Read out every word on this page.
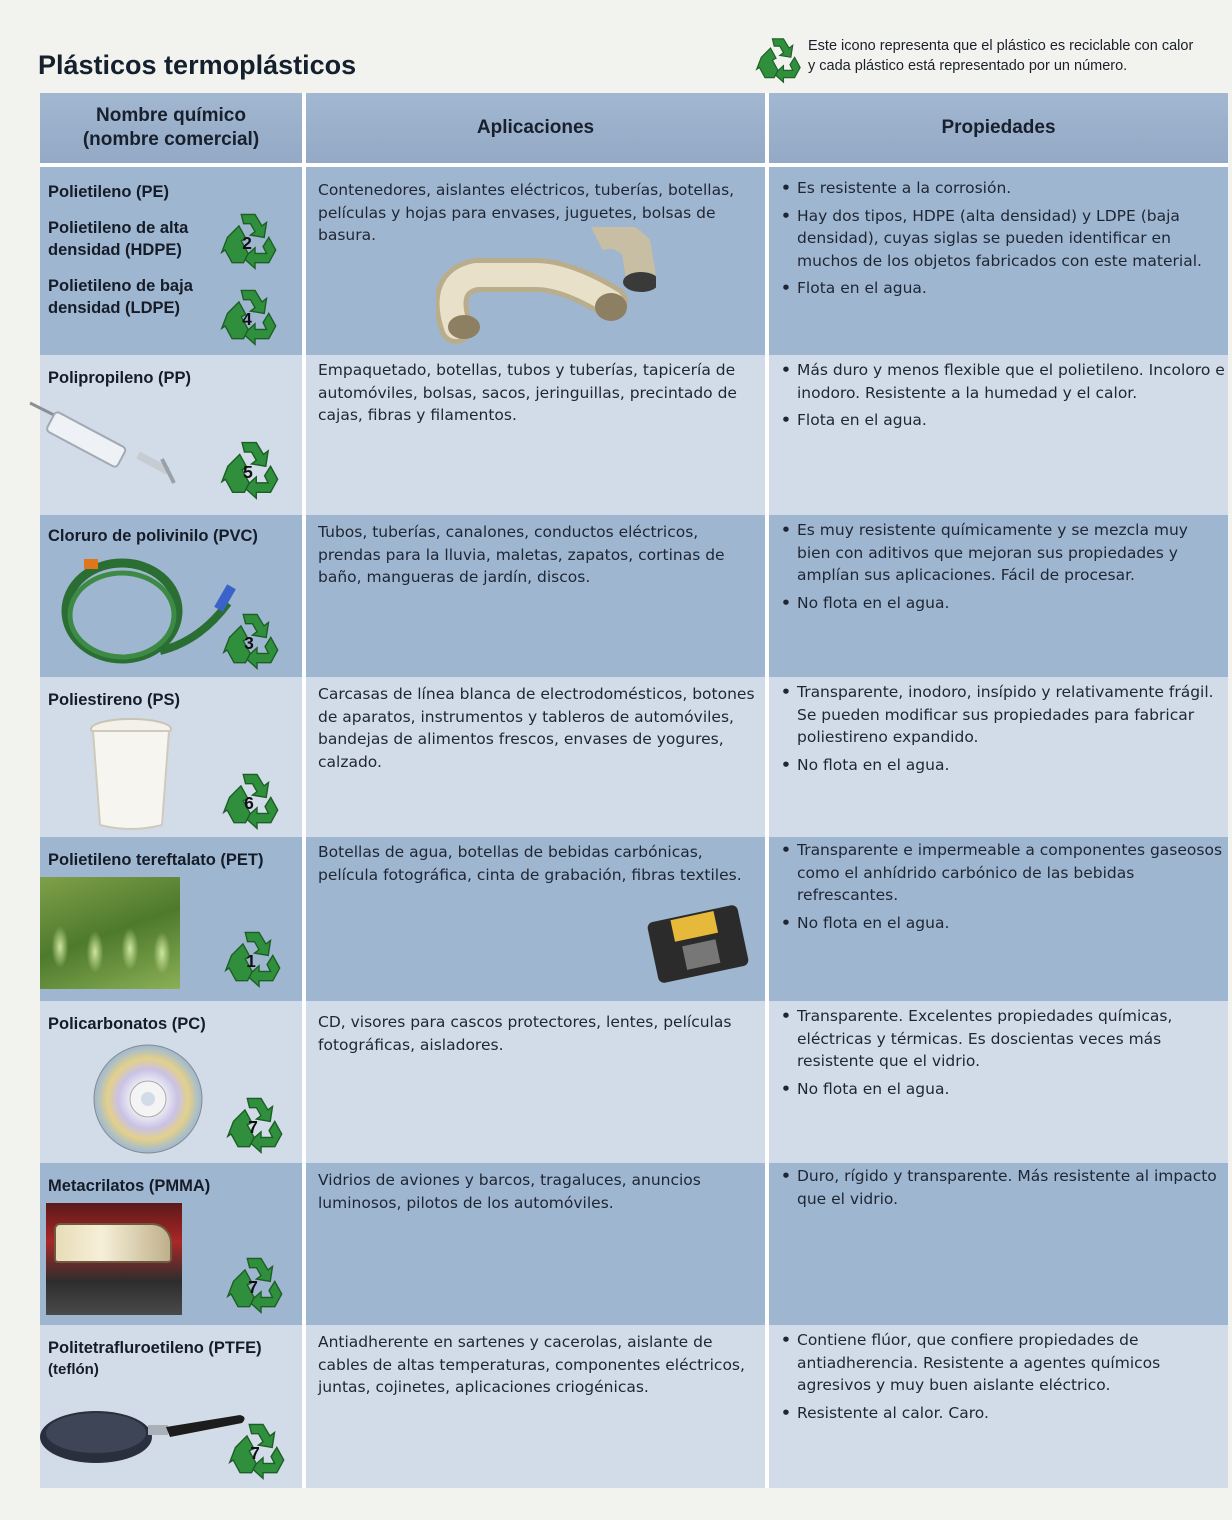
Plásticos termoplásticos
Este icono representa que el plástico es reciclable con calor
y cada plástico está representado por un número.
Nombre químico
(nombre comercial)
Aplicaciones	Propiedades
Polietileno (PE)
Polietileno de alta densidad (HDPE)
Polietileno de baja densidad (LDPE)
2
4
Contenedores, aislantes eléctricos, tuberías, botellas, películas y hojas para envases, juguetes, bolsas de basura.
• Es resistente a la corrosión.
• Hay dos tipos, HDPE (alta densidad) y LDPE (baja densidad), cuyas siglas se pueden identificar en muchos de los objetos fabricados con este material.
• Flota en el agua.
Polipropileno (PP)
5
Empaquetado, botellas, tubos y tuberías, tapicería de automóviles, bolsas, sacos, jeringuillas, precintado de cajas, fibras y filamentos.
• Más duro y menos flexible que el polietileno. Incoloro e inodoro. Resistente a la humedad y el calor.
• Flota en el agua.
Cloruro de polivinilo (PVC)
3
Tubos, tuberías, canalones, conductos eléctricos, prendas para la lluvia, maletas, zapatos, cortinas de baño, mangueras de jardín, discos.
• Es muy resistente químicamente y se mezcla muy bien con aditivos que mejoran sus propiedades y amplían sus aplicaciones. Fácil de procesar.
• No flota en el agua.
Poliestireno (PS)
6
Carcasas de línea blanca de electrodomésticos, botones de aparatos, instrumentos y tableros de automóviles, bandejas de alimentos frescos, envases de yogures, calzado.
• Transparente, inodoro, insípido y relativamente frágil. Se pueden modificar sus propiedades para fabricar poliestireno expandido.
• No flota en el agua.
Polietileno tereftalato (PET)
1
Botellas de agua, botellas de bebidas carbónicas, película fotográfica, cinta de grabación, fibras textiles.
• Transparente e impermeable a componentes gaseosos como el anhídrido carbónico de las bebidas refrescantes.
• No flota en el agua.
Policarbonatos (PC)
7
CD, visores para cascos protectores, lentes, películas fotográficas, aisladores.
• Transparente. Excelentes propiedades químicas, eléctricas y térmicas. Es doscientas veces más resistente que el vidrio.
• No flota en el agua.
Metacrilatos (PMMA)
7
Vidrios de aviones y barcos, tragaluces, anuncios luminosos, pilotos de los automóviles.
• Duro, rígido y transparente. Más resistente al impacto que el vidrio.
Politetrafluroetileno (PTFE)
(teflón)
7
Antiadherente en sartenes y cacerolas, aislante de cables de altas temperaturas, componentes eléctricos, juntas, cojinetes, aplicaciones criogénicas.
• Contiene flúor, que confiere propiedades de antiadherencia. Resistente a agentes químicos agresivos y muy buen aislante eléctrico.
• Resistente al calor. Caro.
